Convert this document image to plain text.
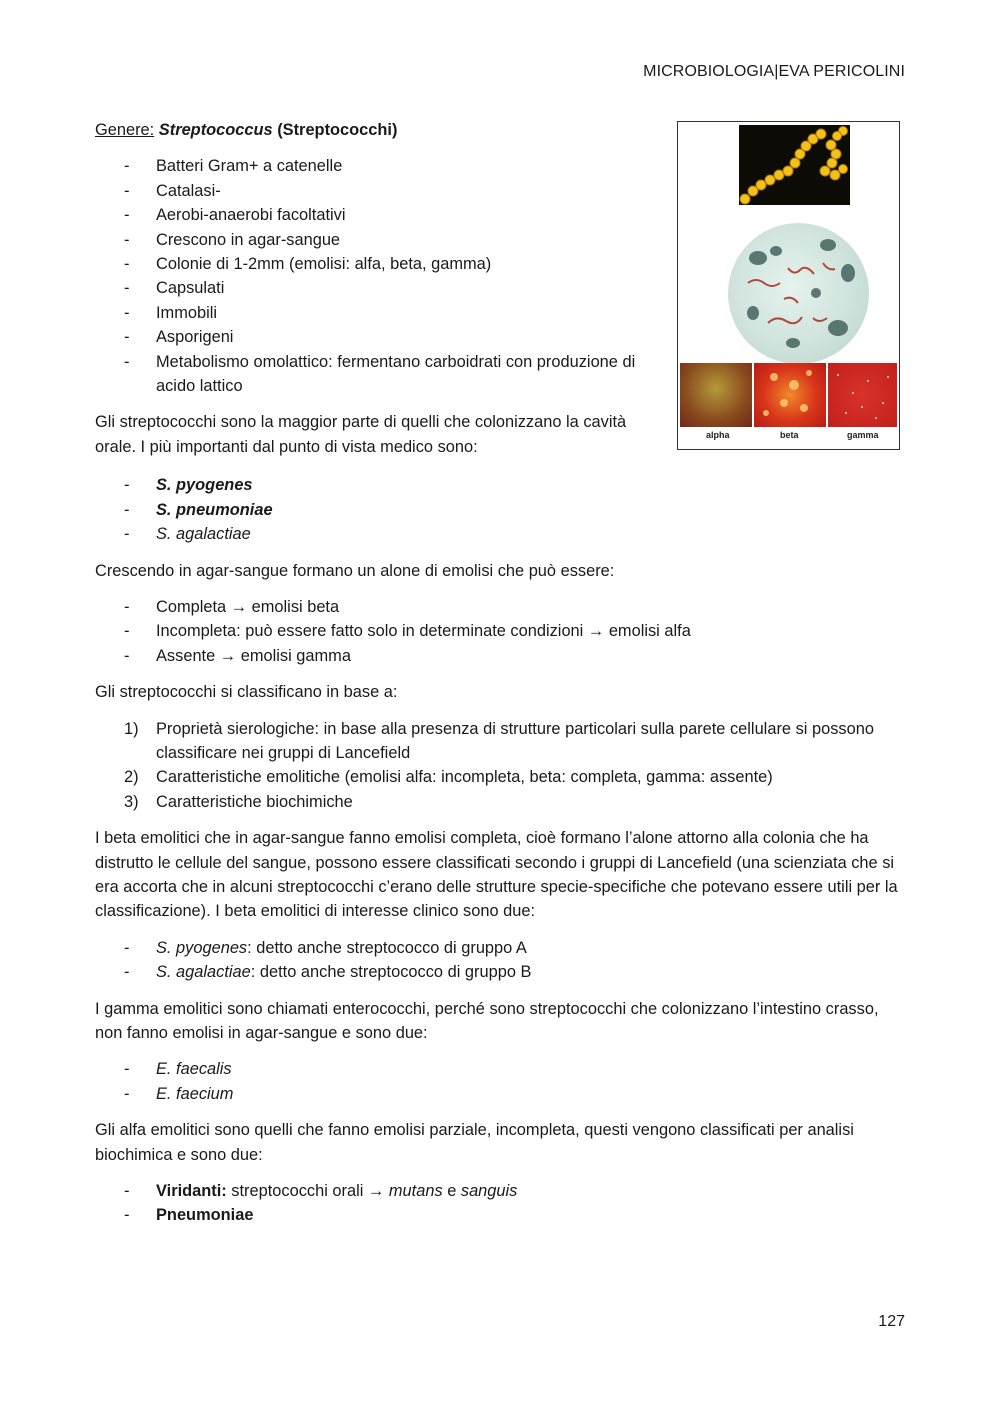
MICROBIOLOGIA|EVA PERICOLINI
alpha	beta	gamma

Genere: Streptococcus (Streptococchi)

- Batteri Gram+ a catenelle
- Catalasi-
- Aerobi-anaerobi facoltativi
- Crescono in agar-sangue
- Colonie di 1-2mm (emolisi: alfa, beta, gamma)
- Capsulati
- Immobili
- Asporigeni
- Metabolismo omolattico: fermentano carboidrati con produzione di acido lattico

Gli streptococchi sono la maggior parte di quelli che colonizzano la cavità orale. I più importanti dal punto di vista medico sono:

- S. pyogenes
- S. pneumoniae
- S. agalactiae

Crescendo in agar-sangue formano un alone di emolisi che può essere:

- Completa → emolisi beta
- Incompleta: può essere fatto solo in determinate condizioni → emolisi alfa
- Assente → emolisi gamma

Gli streptococchi si classificano in base a:

1) Proprietà sierologiche: in base alla presenza di strutture particolari sulla parete cellulare si possono classificare nei gruppi di Lancefield
2) Caratteristiche emolitiche (emolisi alfa: incompleta, beta: completa, gamma: assente)
3) Caratteristiche biochimiche

I beta emolitici che in agar-sangue fanno emolisi completa, cioè formano l’alone attorno alla colonia che ha distrutto le cellule del sangue, possono essere classificati secondo i gruppi di Lancefield (una scienziata che si era accorta che in alcuni streptococchi c’erano delle strutture specie-specifiche che potevano essere utili per la classificazione). I beta emolitici di interesse clinico sono due:

- S. pyogenes: detto anche streptococco di gruppo A
- S. agalactiae: detto anche streptococco di gruppo B

I gamma emolitici sono chiamati enterococchi, perché sono streptococchi che colonizzano l’intestino crasso, non fanno emolisi in agar-sangue e sono due:

- E. faecalis
- E. faecium

Gli alfa emolitici sono quelli che fanno emolisi parziale, incompleta, questi vengono classificati per analisi biochimica e sono due:

- Viridanti: streptococchi orali → mutans e sanguis
- Pneumoniae
127
